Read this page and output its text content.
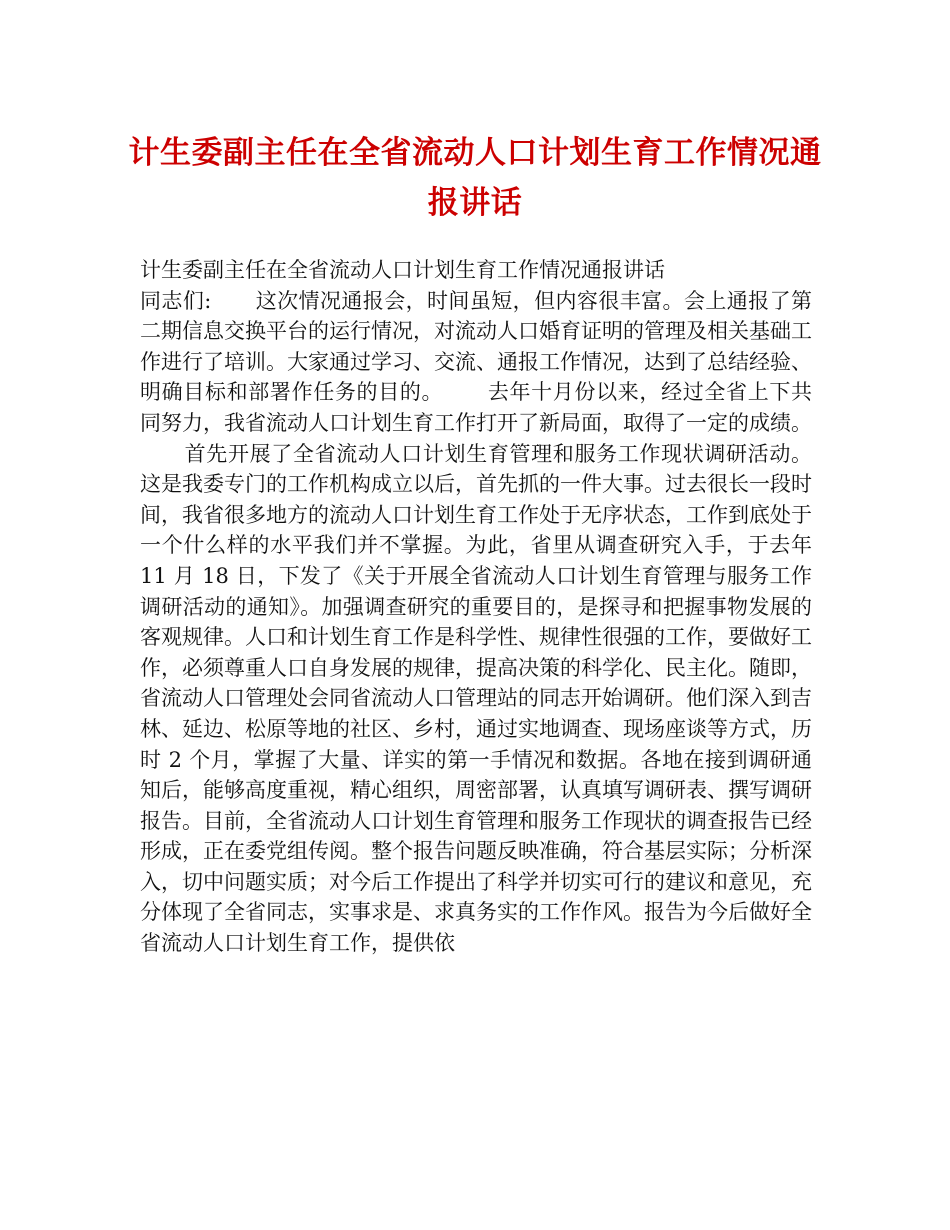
计生委副主任在全省流动人口计划生育工作情况通报讲话

计生委副主任在全省流动人口计划生育工作情况通报讲话

同志们: 这次情况通报会，时间虽短，但内容很丰富。会上通报了第二期信息交换平台的运行情况，对流动人口婚育证明的管理及相关基础工作进行了培训。大家通过学习、交流、通报工作情况，达到了总结经验、明确目标和部署作任务的目的。 去年十月份以来，经过全省上下共同努力，我省流动人口计划生育工作打开了新局面，取得了一定的成绩。首先开展了全省流动人口计划生育管理和服务工作现状调研活动。这是我委专门的工作机构成立以后，首先抓的一件大事。过去很长一段时间，我省很多地方的流动人口计划生育工作处于无序状态，工作到底处于一个什么样的水平我们并不掌握。为此，省里从调查研究入手，于去年 11 月 18 日，下发了《关于开展全省流动人口计划生育管理与服务工作调研活动的通知》。加强调查研究的重要目的，是探寻和把握事物发展的客观规律。人口和计划生育工作是科学性、规律性很强的工作，要做好工作，必须尊重人口自身发展的规律，提高决策的科学化、民主化。随即，省流动人口管理处会同省流动人口管理站的同志开始调研。他们深入到吉林、延边、松原等地的社区、乡村，通过实地调查、现场座谈等方式，历时 2 个月，掌握了大量、详实的第一手情况和数据。各地在接到调研通知后，能够高度重视，精心组织，周密部署，认真填写调研表、撰写调研报告。目前，全省流动人口计划生育管理和服务工作现状的调查报告已经形成，正在委党组传阅。整个报告问题反映准确，符合基层实际；分析深入，切中问题实质；对今后工作提出了科学并切实可行的建议和意见，充分体现了全省同志，实事求是、求真务实的工作作风。报告为今后做好全省流动人口计划生育工作，提供依
